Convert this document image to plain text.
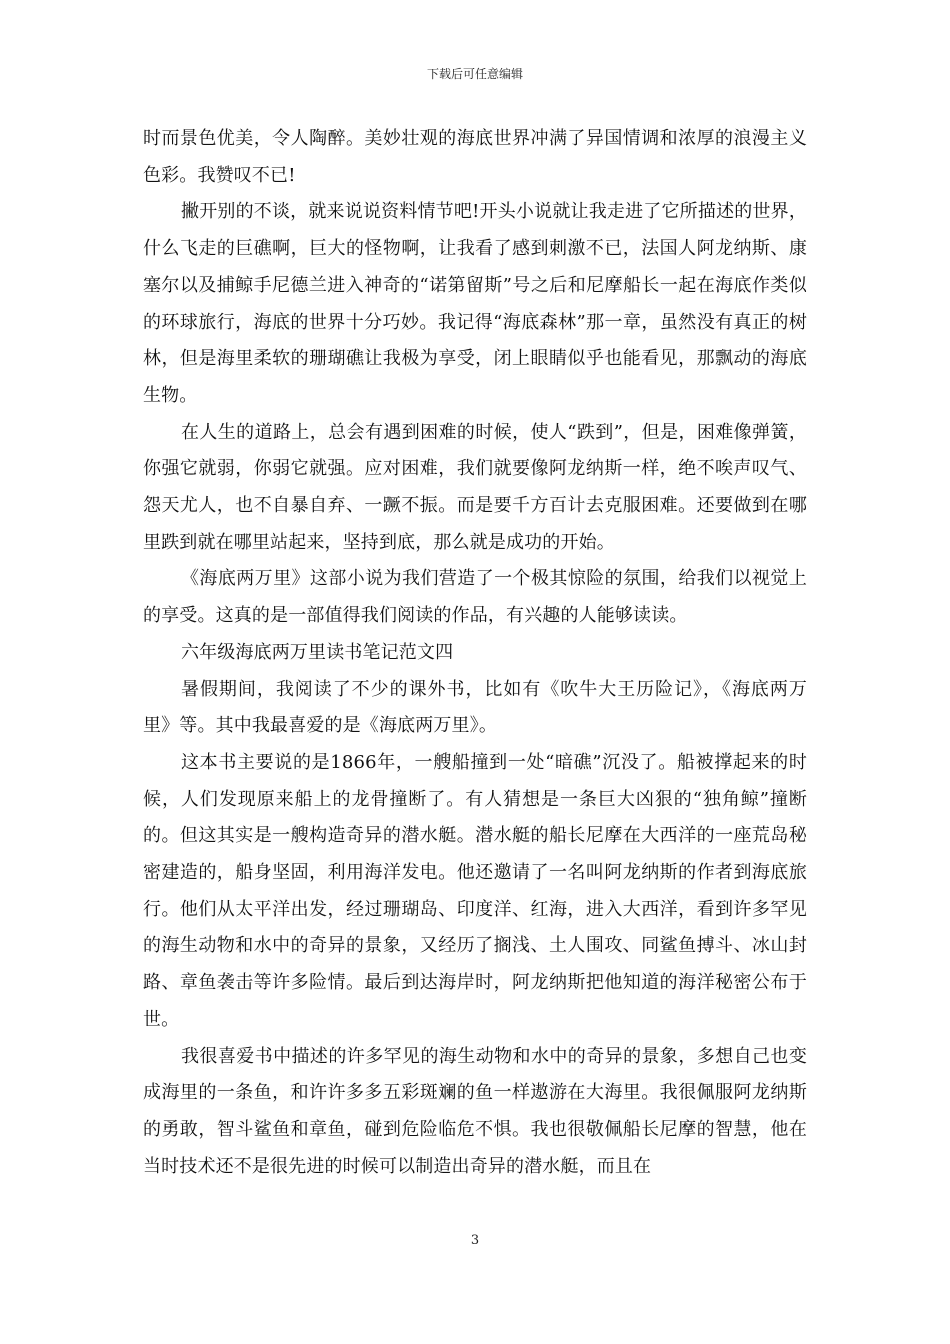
下载后可任意编辑

时而景色优美，令人陶醉。美妙壮观的海底世界冲满了异国情调和浓厚的浪漫主义色彩。我赞叹不已!

撇开别的不谈，就来说说资料情节吧!开头小说就让我走进了它所描述的世界，什么飞走的巨礁啊，巨大的怪物啊，让我看了感到刺激不已，法国人阿龙纳斯、康塞尔以及捕鲸手尼德兰进入神奇的“诺第留斯”号之后和尼摩船长一起在海底作类似的环球旅行，海底的世界十分巧妙。我记得“海底森林”那一章，虽然没有真正的树林，但是海里柔软的珊瑚礁让我极为享受，闭上眼睛似乎也能看见，那飘动的海底生物。

在人生的道路上，总会有遇到困难的时候，使人“跌到”，但是，困难像弹簧，你强它就弱，你弱它就强。应对困难，我们就要像阿龙纳斯一样，绝不唉声叹气、怨天尤人，也不自暴自弃、一蹶不振。而是要千方百计去克服困难。还要做到在哪里跌到就在哪里站起来，坚持到底，那么就是成功的开始。

《海底两万里》这部小说为我们营造了一个极其惊险的氛围，给我们以视觉上的享受。这真的是一部值得我们阅读的作品，有兴趣的人能够读读。

六年级海底两万里读书笔记范文四

暑假期间，我阅读了不少的课外书，比如有《吹牛大王历险记》，《海底两万里》等。其中我最喜爱的是《海底两万里》。

这本书主要说的是1866年，一艘船撞到一处“暗礁”沉没了。船被撑起来的时候，人们发现原来船上的龙骨撞断了。有人猜想是一条巨大凶狠的“独角鲸”撞断的。但这其实是一艘构造奇异的潜水艇。潜水艇的船长尼摩在大西洋的一座荒岛秘密建造的，船身坚固，利用海洋发电。他还邀请了一名叫阿龙纳斯的作者到海底旅行。他们从太平洋出发，经过珊瑚岛、印度洋、红海，进入大西洋，看到许多罕见的海生动物和水中的奇异的景象，又经历了搁浅、土人围攻、同鲨鱼搏斗、冰山封路、章鱼袭击等许多险情。最后到达海岸时，阿龙纳斯把他知道的海洋秘密公布于世。

我很喜爱书中描述的许多罕见的海生动物和水中的奇异的景象，多想自己也变成海里的一条鱼，和许许多多五彩斑斓的鱼一样遨游在大海里。我很佩服阿龙纳斯的勇敢，智斗鲨鱼和章鱼，碰到危险临危不惧。我也很敬佩船长尼摩的智慧，他在当时技术还不是很先进的时候可以制造出奇异的潜水艇，而且在

3
